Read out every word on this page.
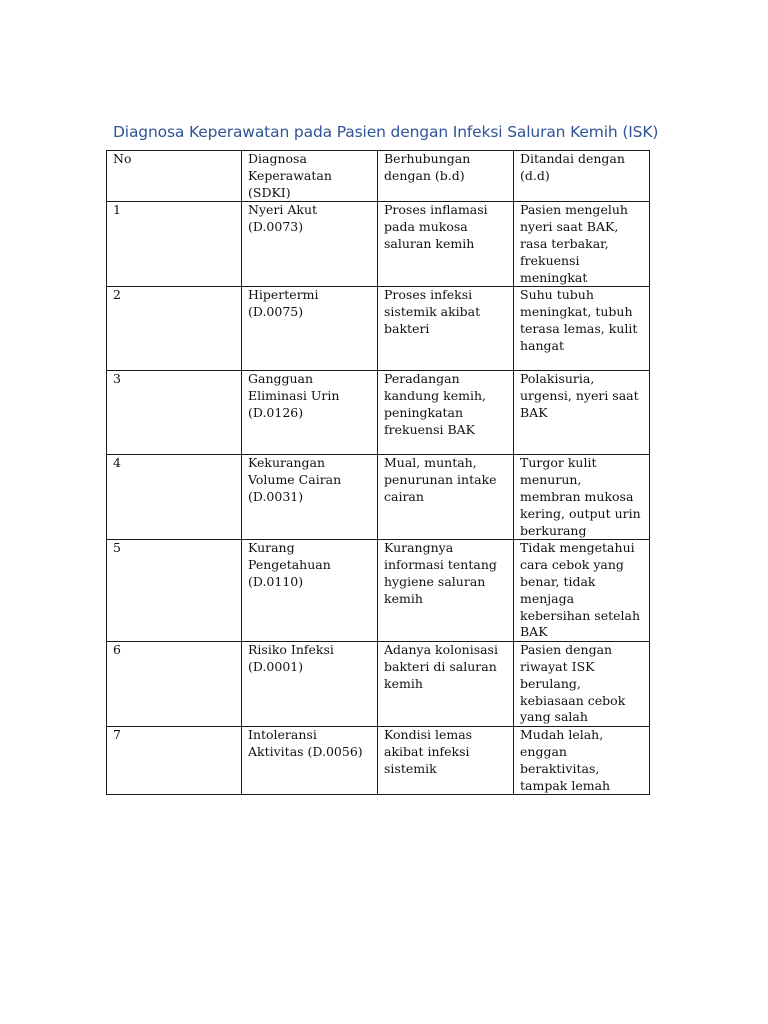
Diagnosa Keperawatan pada Pasien dengan Infeksi Saluran Kemih (ISK)
No	Diagnosa Keperawatan (SDKI)	Berhubungan dengan (b.d)	Ditandai dengan (d.d)
1	Nyeri Akut (D.0073)	Proses inflamasi pada mukosa saluran kemih	Pasien mengeluh nyeri saat BAK, rasa terbakar, frekuensi meningkat
2	Hipertermi (D.0075)	Proses infeksi sistemik akibat bakteri	Suhu tubuh meningkat, tubuh terasa lemas, kulit hangat
3	Gangguan Eliminasi Urin (D.0126)	Peradangan kandung kemih, peningkatan frekuensi BAK	Polakisuria, urgensi, nyeri saat BAK
4	Kekurangan Volume Cairan (D.0031)	Mual, muntah, penurunan intake cairan	Turgor kulit menurun, membran mukosa kering, output urin berkurang
5	Kurang Pengetahuan (D.0110)	Kurangnya informasi tentang hygiene saluran kemih	Tidak mengetahui cara cebok yang benar, tidak menjaga kebersihan setelah BAK
6	Risiko Infeksi (D.0001)	Adanya kolonisasi bakteri di saluran kemih	Pasien dengan riwayat ISK berulang, kebiasaan cebok yang salah
7	Intoleransi Aktivitas (D.0056)	Kondisi lemas akibat infeksi sistemik	Mudah lelah, enggan beraktivitas, tampak lemah
